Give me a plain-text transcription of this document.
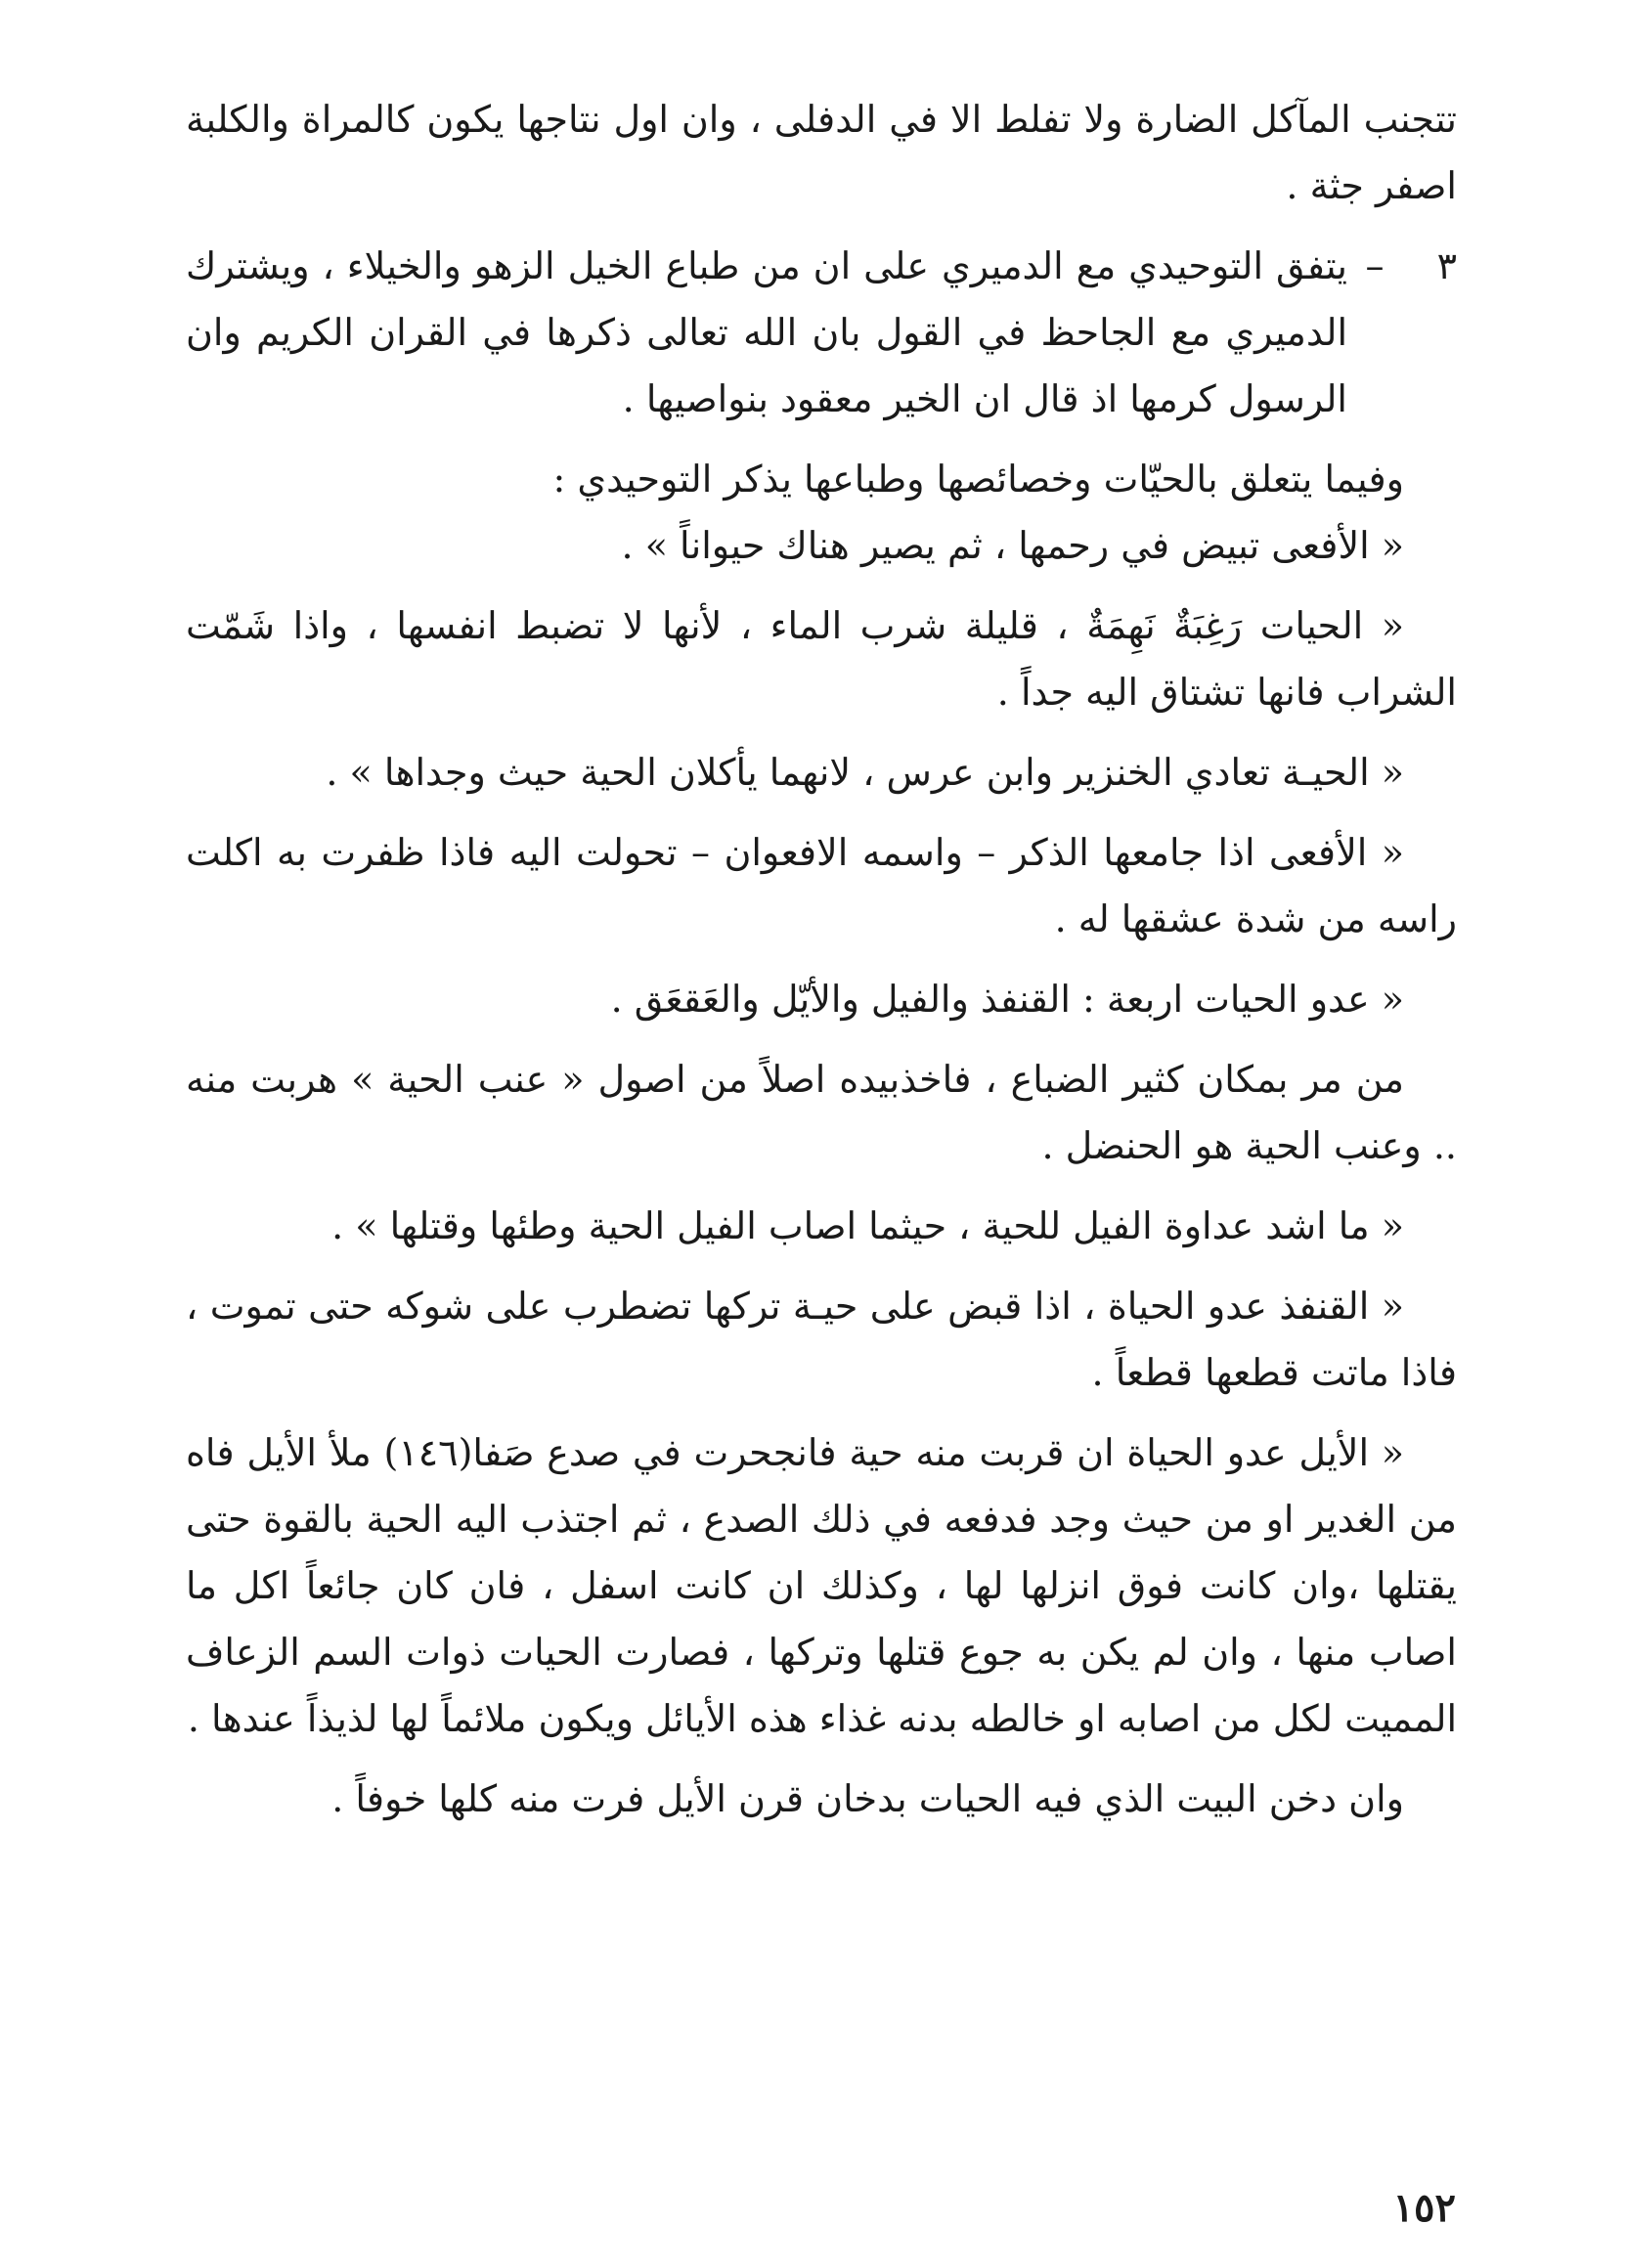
تتجنب المآكل الضارة ولا تفلط الا في الدفلى ، وان اول نتاجها يكون كالمراة والكلبة اصفر جثة .

٣
–
يتفق التوحيدي مع الدميري على ان من طباع الخيل الزهو والخيلاء ، ويشترك الدميري مع الجاحظ في القول بان الله تعالى ذكرها في القران الكريم وان الرسول كرمها اذ قال ان الخير معقود بنواصيها .

وفيما يتعلق بالحيّات وخصائصها وطباعها يذكر التوحيدي :

« الأفعى تبيض في رحمها ، ثم يصير هناك حيواناً » .

« الحيات رَغِبَةٌ نَهِمَةٌ ، قليلة شرب الماء ، لأنها لا تضبط انفسها ، واذا شَمّت الشراب فانها تشتاق اليه جداً .

« الحيـة تعادي الخنزير وابن عرس ، لانهما يأكلان الحية حيث وجداها » .

« الأفعى اذا جامعها الذكر – واسمه الافعوان – تحولت اليه فاذا ظفرت به اكلت راسه من شدة عشقها له .

« عدو الحيات اربعة : القنفذ والفيل والأيّل والعَقعَق .

من مر بمكان كثير الضباع ، فاخذبيده اصلاً من اصول « عنب الحية » هربت منه .. وعنب الحية هو الحنضل .

« ما اشد عداوة الفيل للحية ، حيثما اصاب الفيل الحية وطئها وقتلها » .

« القنفذ عدو الحياة ، اذا قبض على حيـة تركها تضطرب على شوكه حتى تموت ، فاذا ماتت قطعها قطعاً .

« الأيل عدو الحياة ان قربت منه حية فانجحرت في صدع صَفا(١٤٦) ملأ الأيل فاه من الغدير او من حيث وجد فدفعه في ذلك الصدع ، ثم اجتذب اليه الحية بالقوة حتى يقتلها ،وان كانت فوق انزلها لها ، وكذلك ان كانت اسفل ، فان كان جائعاً اكل ما اصاب منها ، وان لم يكن به جوع قتلها وتركها ، فصارت الحيات ذوات السم الزعاف المميت لكل من اصابه او خالطه بدنه غذاء هذه الأيائل ويكون ملائماً لها لذيذاً عندها .

وان دخن البيت الذي فيه الحيات بدخان قرن الأيل فرت منه كلها خوفاً .

١٥٢
